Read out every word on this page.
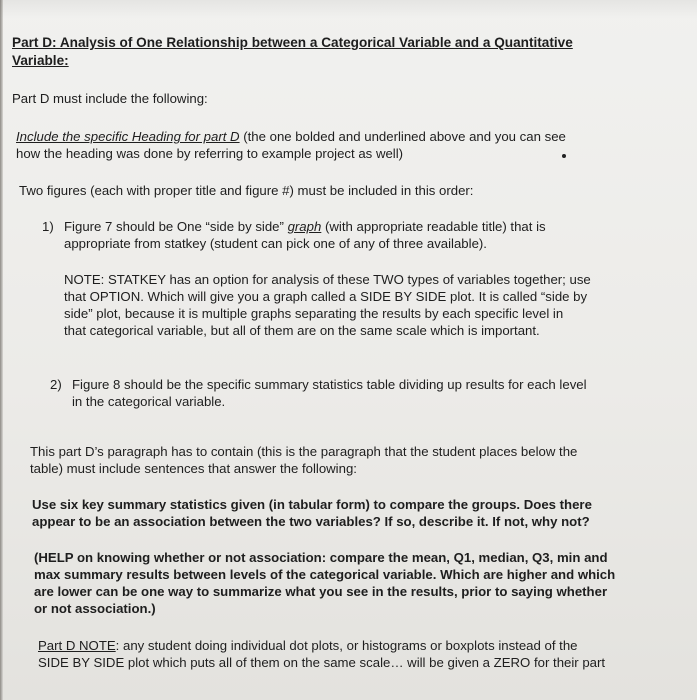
Part D: Analysis of One Relationship between a Categorical Variable and a Quantitative

Variable:

Part D must include the following:

Include the specific Heading for part D (the one bolded and underlined above and you can see

how the heading was done by referring to example project as well)

Two figures (each with proper title and figure #) must be included in this order:

1) Figure 7 should be One “side by side” graph (with appropriate readable title) that is

appropriate from statkey (student can pick one of any of three available).

NOTE: STATKEY has an option for analysis of these TWO types of variables together; use

that OPTION. Which will give you a graph called a SIDE BY SIDE plot. It is called “side by

side” plot, because it is multiple graphs separating the results by each specific level in

that categorical variable, but all of them are on the same scale which is important.

2) Figure 8 should be the specific summary statistics table dividing up results for each level

in the categorical variable.

This part D’s paragraph has to contain (this is the paragraph that the student places below the

table) must include sentences that answer the following:

Use six key summary statistics given (in tabular form) to compare the groups. Does there

appear to be an association between the two variables? If so, describe it. If not, why not?

(HELP on knowing whether or not association: compare the mean, Q1, median, Q3, min and

max summary results between levels of the categorical variable. Which are higher and which

are lower can be one way to summarize what you see in the results, prior to saying whether

or not association.)

Part D NOTE: any student doing individual dot plots, or histograms or boxplots instead of the

SIDE BY SIDE plot which puts all of them on the same scale… will be given a ZERO for their part
